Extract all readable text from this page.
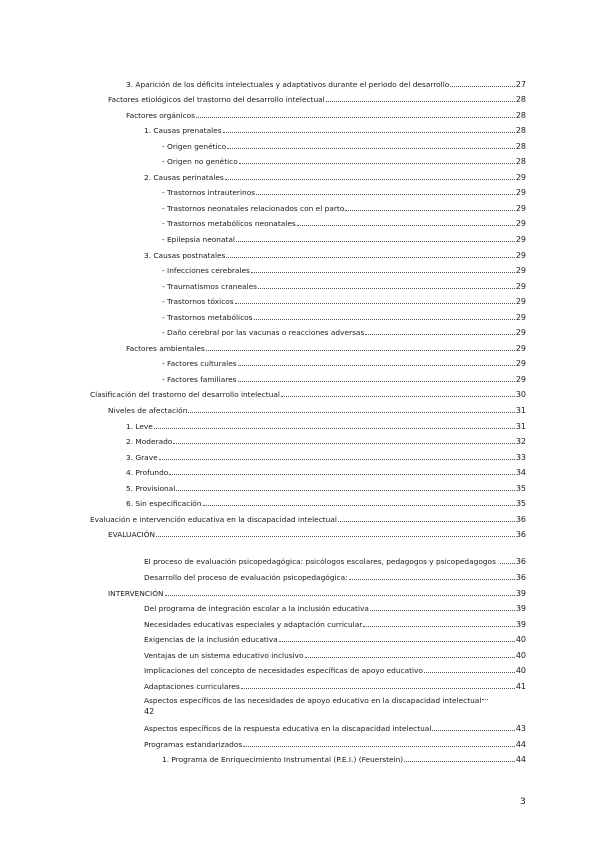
3. Aparición de los déficits intelectuales y adaptativos durante el periodo del desarrollo	27
Factores etiológicos del trastorno del desarrollo intelectual	28
Factores orgánicos	28
1. Causas prenatales	28
- Origen genético	28
- Origen no genético	28
2. Causas perinatales	29
- Trastornos intrauterinos	29
- Trastornos neonatales relacionados con el parto	29
- Trastornos metabólicos neonatales	29
- Epilepsia neonatal	29
3. Causas postnatales	29
- Infecciones cerebrales	29
- Traumatismos craneales	29
- Trastornos tóxicos	29
- Trastornos metabólicos	29
- Daño cerebral por las vacunas o reacciones adversas	29
Factores ambientales	29
- Factores culturales	29
- Factores familiares	29
Clasificación del trastorno del desarrollo intelectual	30
Niveles de afectación	31
1. Leve	31
2. Moderado	32
3. Grave	33
4. Profundo	34
5. Provisional	35
6. Sin especificación	35
Evaluación e intervención educativa en la discapacidad intelectual	36
EVALUACIÓN	36
El proceso de evaluación psicopedagógica: psicólogos escolares, pedagogos y psicopedagogos	36
Desarrollo del proceso de evaluación psicopedagógica:	36
INTERVENCIÓN	39
Del programa de integración escolar a la inclusión educativa	39
Necesidades educativas especiales y adaptación curricular	39
Exigencias de la inclusión educativa	40
Ventajas de un sistema educativo inclusivo	40
Implicaciones del concepto de necesidades específicas de apoyo educativo	40
Adaptaciones curriculares	41
Aspectos específicos de las necesidades de apoyo educativo en la discapacidad intelectual
42
Aspectos específicos de la respuesta educativa en la discapacidad intelectual	43
Programas estandarizados	44
1. Programa de Enriquecimiento Instrumental (P.E.I.) (Feuerstein)	44
3
